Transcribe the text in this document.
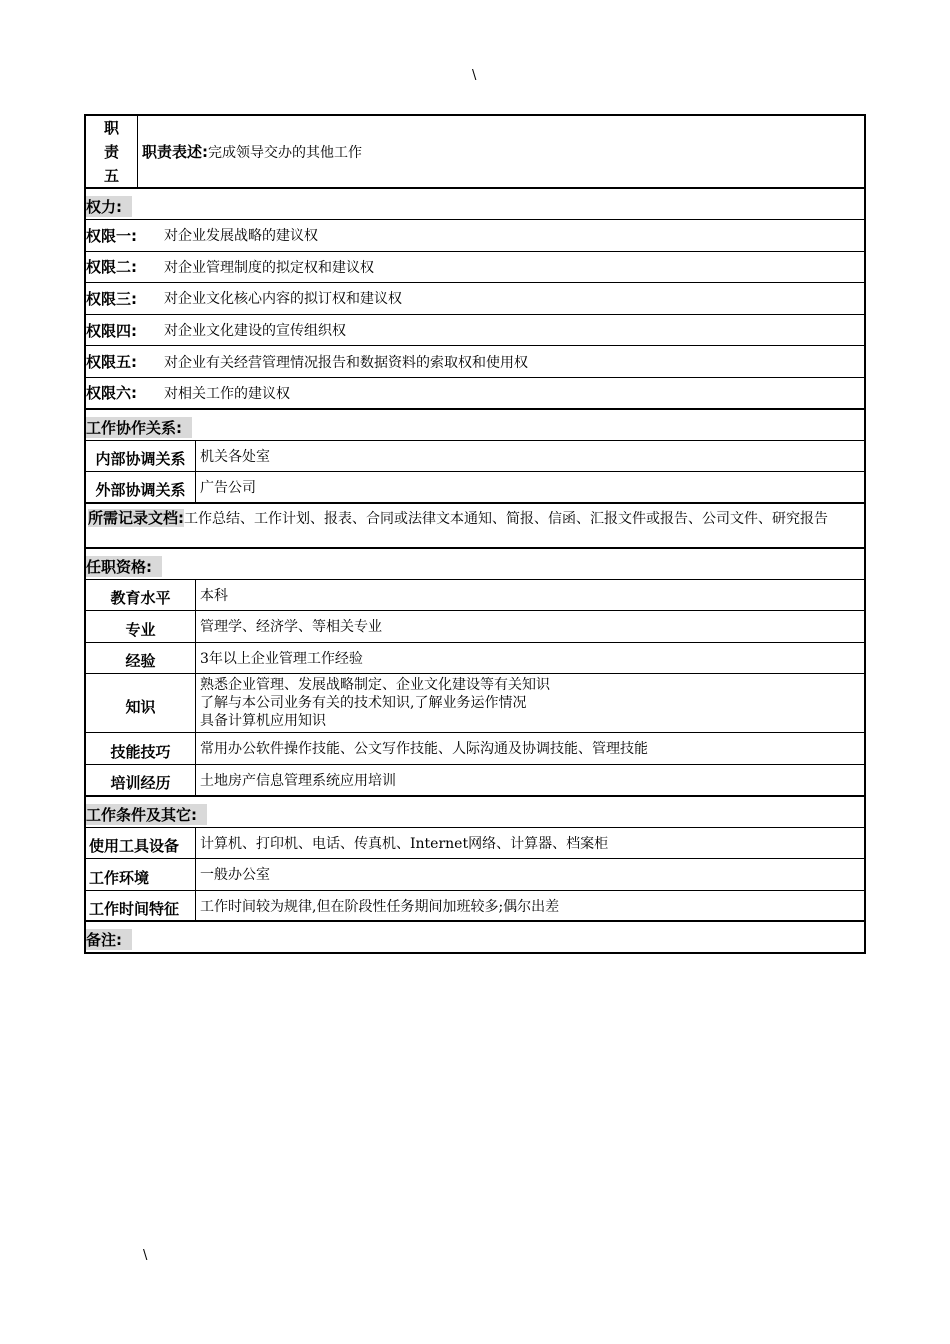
\
\
职
责
五
职责表述: 完成领导交办的其他工作
权力:
权限一:	对企业发展战略的建议权
权限二:	对企业管理制度的拟定权和建议权
权限三:	对企业文化核心内容的拟订权和建议权
权限四:	对企业文化建设的宣传组织权
权限五:	对企业有关经营管理情况报告和数据资料的索取权和使用权
权限六:	对相关工作的建议权
工作协作关系:
内部协调关系	机关各处室
外部协调关系	广告公司
所需记录文档:工作总结、工作计划、报表、合同或法律文本通知、简报、信函、汇报文件或报告、公司文件、研究报告
任职资格:
教育水平	本科
专业	管理学、经济学、等相关专业
经验	3年以上企业管理工作经验
知识
熟悉企业管理、发展战略制定、企业文化建设等有关知识
了解与本公司业务有关的技术知识,了解业务运作情况
具备计算机应用知识
技能技巧	常用办公软件操作技能、公文写作技能、人际沟通及协调技能、管理技能
培训经历	土地房产信息管理系统应用培训
工作条件及其它:
使用工具设备	计算机、打印机、电话、传真机、Internet网络、计算器、档案柜
工作环境	一般办公室
工作时间特征	工作时间较为规律,但在阶段性任务期间加班较多;偶尔出差
备注:
